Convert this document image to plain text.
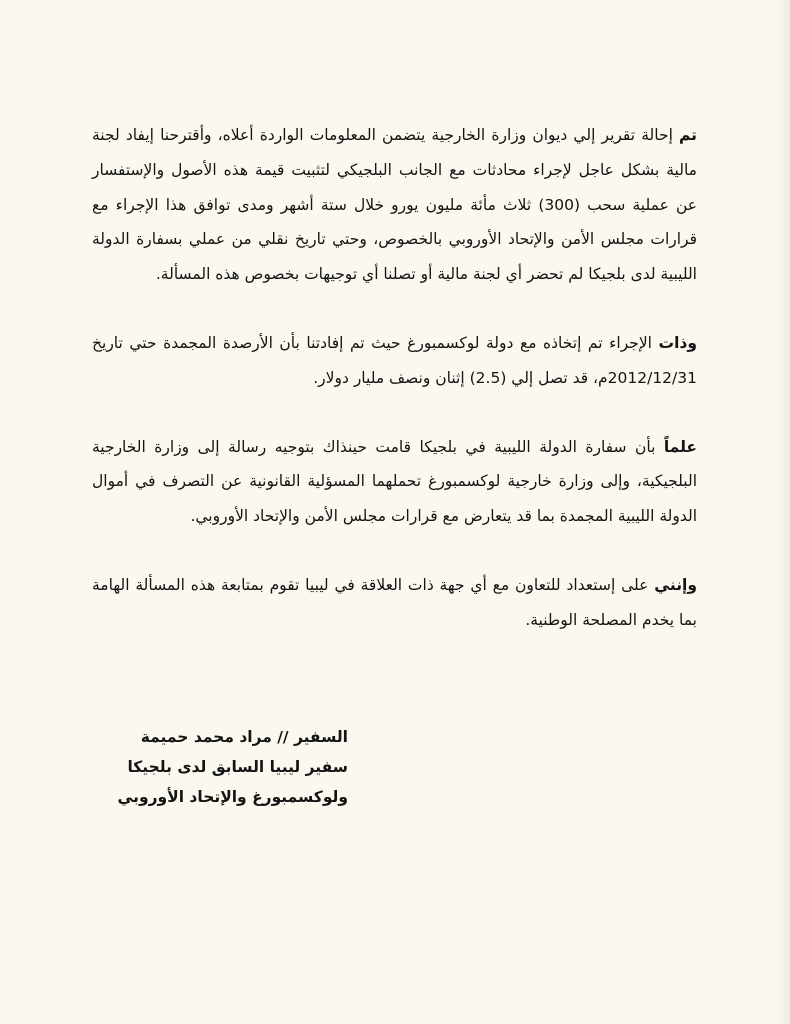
تم إحالة تقرير إلي ديوان وزارة الخارجية يتضمن المعلومات الواردة أعلاه، وأقترحنا إيفاد لجنة مالية بشكل عاجل لإجراء محادثات مع الجانب البلجيكي لتثبيت قيمة هذه الأصول والإستفسار عن عملية سحب (300) ثلاث مأئة مليون يورو خلال ستة أشهر ومدى توافق هذا الإجراء مع قرارات مجلس الأمن والإتحاد الأوروبي بالخصوص، وحتي تاريخ نقلي من عملي بسفارة الدولة الليبية لدى بلجيكا لم تحضر أي لجنة مالية أو تصلنا أي توجيهات بخصوص هذه المسألة.

وذات الإجراء تم إتخاذه مع دولة لوكسمبورغ حيث تم إفادتنا بأن الأرصدة المجمدة حتي تاريخ 2012/12/31م، قد تصل إلي (2.5) إثنان ونصف مليار دولار.

علماً بأن سفارة الدولة الليبية في بلجيكا قامت حينذاك بتوجيه رسالة إلى وزارة الخارجية البلجيكية، وإلى وزارة خارجية لوكسمبورغ تحملهما المسؤلية القانونية عن التصرف في أموال الدولة الليبية المجمدة بما قد يتعارض مع قرارات مجلس الأمن والإتحاد الأوروبي.

وإنني على إستعداد للتعاون مع أي جهة ذات العلاقة في ليبيا تقوم بمتابعة هذه المسألة الهامة بما يخدم المصلحة الوطنية.

السفير // مراد محمد حميمة

سفير ليبيا السابق لدى بلجيكا

ولوكسمبورغ والإتحاد الأوروبي
